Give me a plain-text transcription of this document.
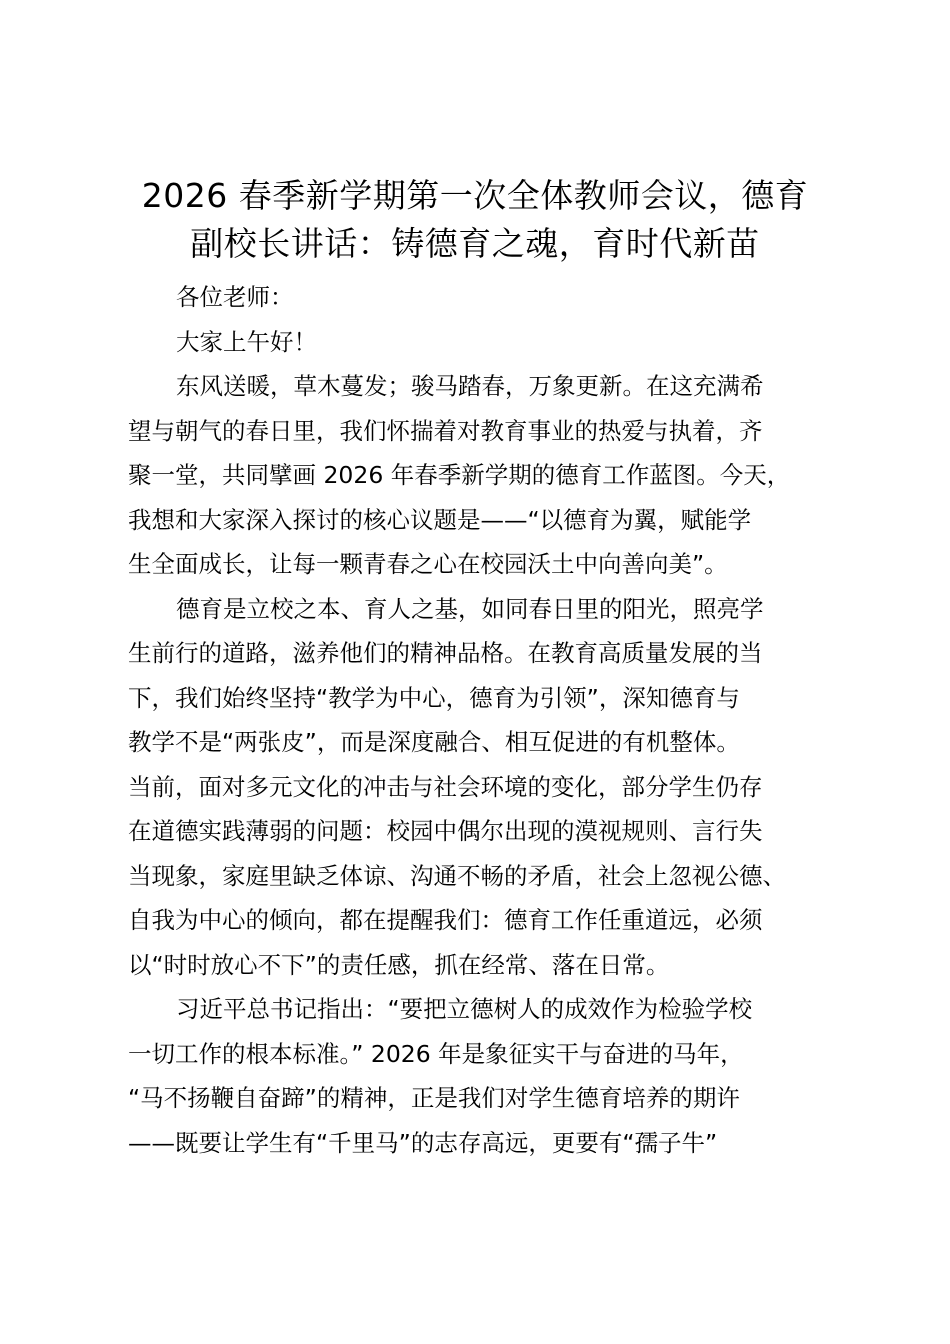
2026 春季新学期第一次全体教师会议，德育
副校长讲话：铸德育之魂，育时代新苗

各位老师：

大家上午好！

东风送暖，草木蔓发；骏马踏春，万象更新。在这充满希
望与朝气的春日里，我们怀揣着对教育事业的热爱与执着，齐
聚一堂，共同擘画 2026 年春季新学期的德育工作蓝图。今天，
我想和大家深入探讨的核心议题是——“以德育为翼，赋能学
生全面成长，让每一颗青春之心在校园沃土中向善向美”。

德育是立校之本、育人之基，如同春日里的阳光，照亮学
生前行的道路，滋养他们的精神品格。在教育高质量发展的当
下，我们始终坚持“教学为中心，德育为引领”，深知德育与
教学不是“两张皮”，而是深度融合、相互促进的有机整体。
当前，面对多元文化的冲击与社会环境的变化，部分学生仍存
在道德实践薄弱的问题：校园中偶尔出现的漠视规则、言行失
当现象，家庭里缺乏体谅、沟通不畅的矛盾，社会上忽视公德、
自我为中心的倾向，都在提醒我们：德育工作任重道远，必须
以“时时放心不下”的责任感，抓在经常、落在日常。

习近平总书记指出：“要把立德树人的成效作为检验学校
一切工作的根本标准。” 2026 年是象征实干与奋进的马年，
“马不扬鞭自奋蹄”的精神，正是我们对学生德育培养的期许
——既要让学生有“千里马”的志存高远，更要有“孺子牛”
